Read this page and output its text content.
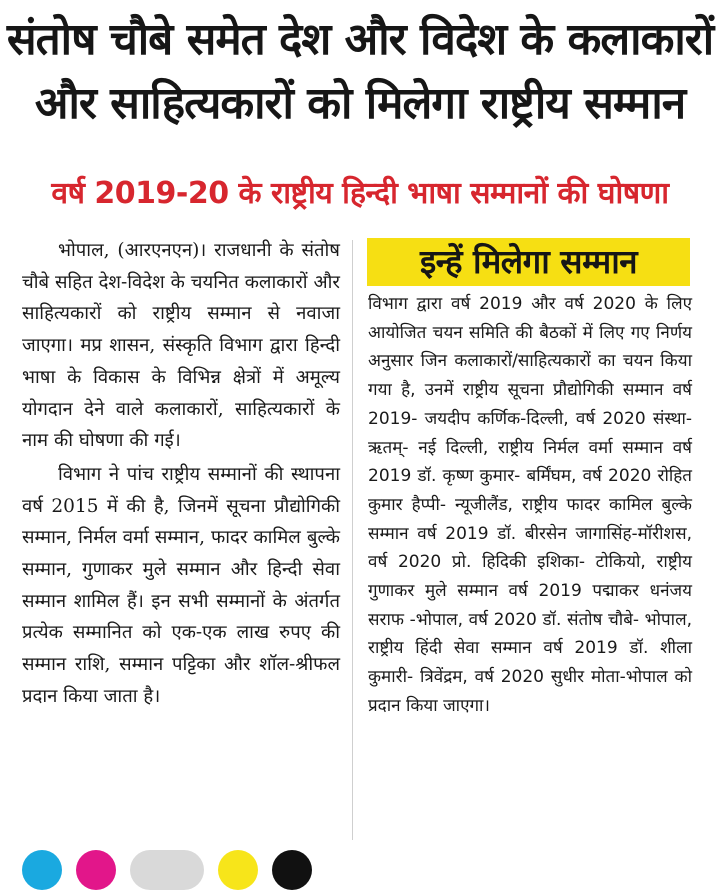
संतोष चौबे समेत देश और विदेश के कलाकारों
और साहित्यकारों को मिलेगा राष्ट्रीय सम्मान
वर्ष 2019-20 के राष्ट्रीय हिन्दी भाषा सम्मानों की घोषणा

भोपाल, (आरएनएन)। राजधानी के संतोष चौबे सहित देश-विदेश के चयनित कलाकारों और साहित्यकारों को राष्ट्रीय सम्मान से नवाजा जाएगा। मप्र शासन, संस्कृति विभाग द्वारा हिन्दी भाषा के विकास के विभिन्न क्षेत्रों में अमूल्य योगदान देने वाले कलाकारों, साहित्यकारों के नाम की घोषणा की गई।

विभाग ने पांच राष्ट्रीय सम्मानों की स्थापना वर्ष 2015 में की है, जिनमें सूचना प्रौद्योगिकी सम्मान, निर्मल वर्मा सम्मान, फादर कामिल बुल्के सम्मान, गुणाकर मुले सम्मान और हिन्दी सेवा सम्मान शामिल हैं। इन सभी सम्मानों के अंतर्गत प्रत्येक सम्मानित को एक-एक लाख रुपए की सम्मान राशि, सम्मान पट्टिका और शॉल-श्रीफल प्रदान किया जाता है।

इन्हें मिलेगा सम्मान

विभाग द्वारा वर्ष 2019 और वर्ष 2020 के लिए आयोजित चयन समिति की बैठकों में लिए गए निर्णय अनुसार जिन कलाकारों/साहित्यकारों का चयन किया गया है, उनमें राष्ट्रीय सूचना प्रौद्योगिकी सम्मान वर्ष 2019- जयदीप कर्णिक-दिल्ली, वर्ष 2020 संस्था- ऋतम्- नई दिल्ली, राष्ट्रीय निर्मल वर्मा सम्मान वर्ष 2019 डॉ. कृष्ण कुमार- बर्मिंघम, वर्ष 2020 रोहित कुमार हैप्पी- न्यूजीलैंड, राष्ट्रीय फादर कामिल बुल्के सम्मान वर्ष 2019 डॉ. बीरसेन जागासिंह-मॉरीशस, वर्ष 2020 प्रो. हिदिकी इशिका- टोकियो, राष्ट्रीय गुणाकर मुले सम्मान वर्ष 2019 पद्माकर धनंजय सराफ -भोपाल, वर्ष 2020 डॉ. संतोष चौबे- भोपाल, राष्ट्रीय हिंदी सेवा सम्मान वर्ष 2019 डॉ. शीला कुमारी- त्रिवेंद्रम, वर्ष 2020 सुधीर मोता-भोपाल को प्रदान किया जाएगा।
